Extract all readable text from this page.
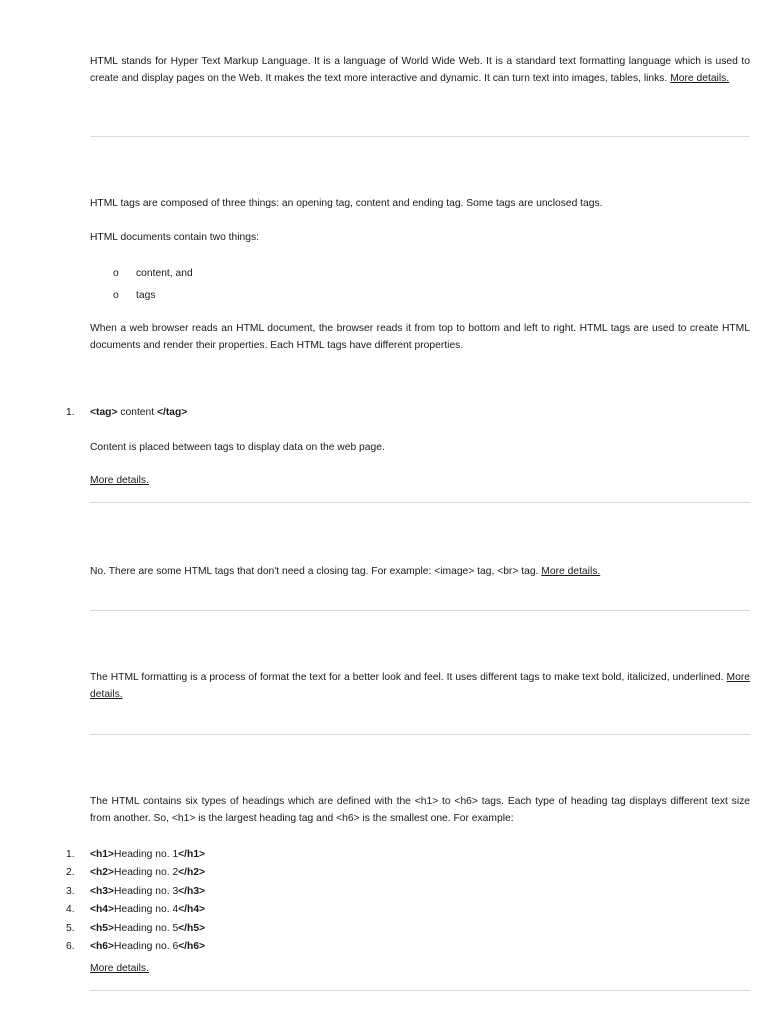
HTML stands for Hyper Text Markup Language. It is a language of World Wide Web. It is a standard text formatting language which is used to create and display pages on the Web. It makes the text more interactive and dynamic. It can turn text into images, tables, links. More details.
HTML tags are composed of three things: an opening tag, content and ending tag. Some tags are unclosed tags.
HTML documents contain two things:
o content, and
o tags
When a web browser reads an HTML document, the browser reads it from top to bottom and left to right. HTML tags are used to create HTML documents and render their properties. Each HTML tags have different properties.
1. <tag> content </tag>
Content is placed between tags to display data on the web page.
More details.
No. There are some HTML tags that don't need a closing tag. For example: <image> tag, <br> tag. More details.
The HTML formatting is a process of format the text for a better look and feel. It uses different tags to make text bold, italicized, underlined. More details.
The HTML contains six types of headings which are defined with the <h1> to <h6> tags. Each type of heading tag displays different text size from another. So, <h1> is the largest heading tag and <h6> is the smallest one. For example:
1. <h1>Heading no. 1</h1>
2. <h2>Heading no. 2</h2>
3. <h3>Heading no. 3</h3>
4. <h4>Heading no. 4</h4>
5. <h5>Heading no. 5</h5>
6. <h6>Heading no. 6</h6>
More details.
